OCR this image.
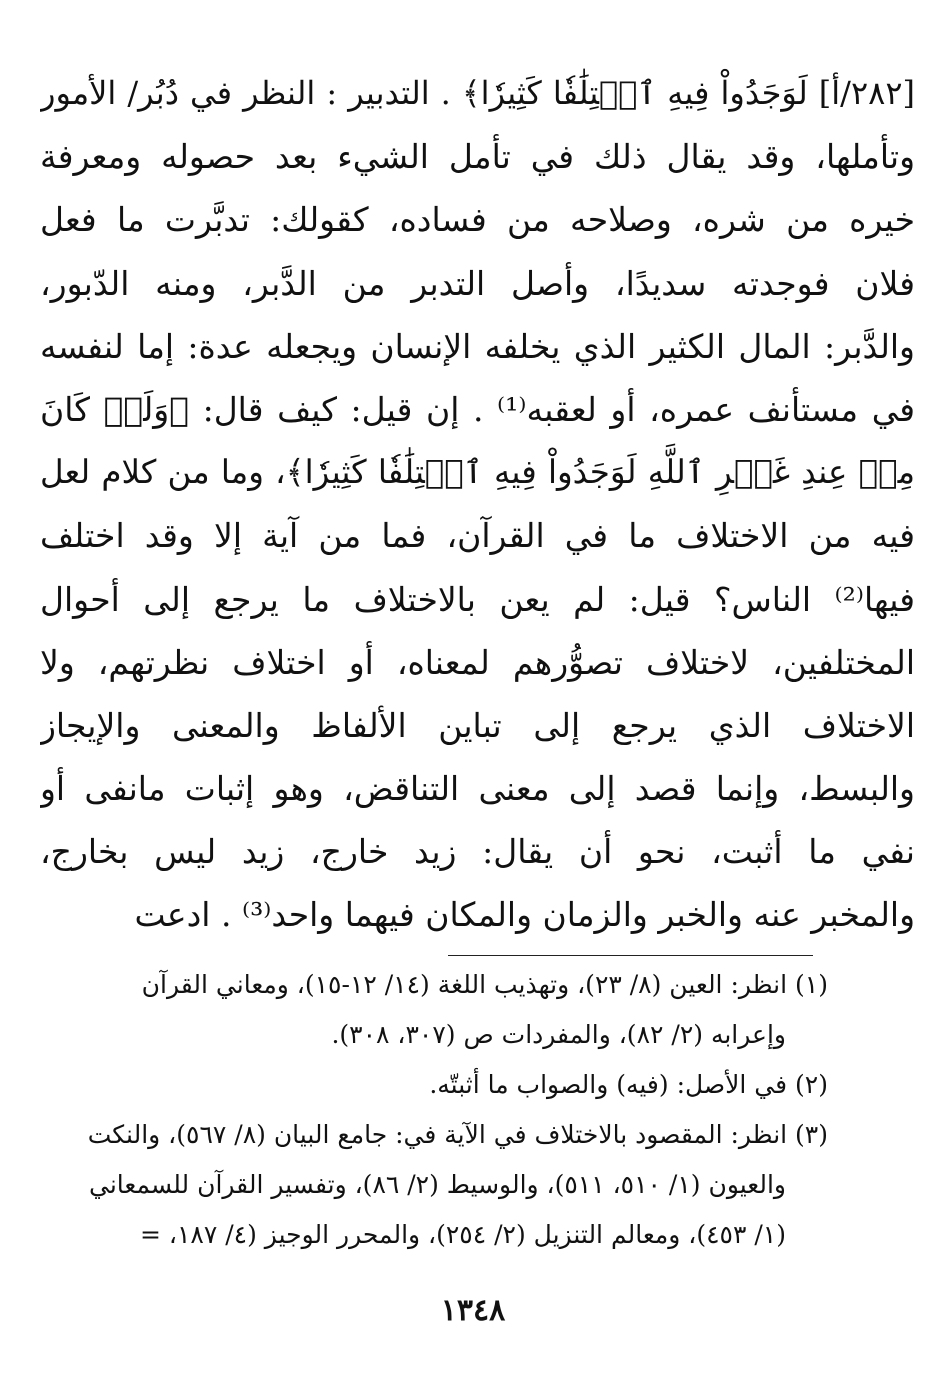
[٢٨٢/أ] لَوَجَدُواْ فِيهِ ٱخۡتِلَٰفٗا كَثِيرٗا﴾ . التدبير : النظر في دُبُر/ الأمور
وتأملها، وقد يقال ذلك في تأمل الشيء بعد حصوله ومعرفة
خيره من شره، وصلاحه من فساده، كقولك: تدبَّرت ما فعل
فلان فوجدته سديدًا، وأصل التدبر من الدَّبر، ومنه الدّبور،
والدَّبر: المال الكثير الذي يخلفه الإنسان ويجعله عدة: إما لنفسه
في مستأنف عمره، أو لعقبه⁽¹⁾ . إن قيل: كيف قال: ﴿وَلَوۡ كَانَ
مِنۡ عِندِ غَيۡرِ ٱللَّهِ لَوَجَدُواْ فِيهِ ٱخۡتِلَٰفٗا كَثِيرٗا﴾، وما من كلام لعل
فيه من الاختلاف ما في القرآن، فما من آية إلا وقد اختلف
فيها⁽²⁾ الناس؟ قيل: لم يعن بالاختلاف ما يرجع إلى أحوال
المختلفين، لاختلاف تصوُّرهم لمعناه، أو اختلاف نظرتهم، ولا
الاختلاف الذي يرجع إلى تباين الألفاظ والمعنى والإيجاز
والبسط، وإنما قصد إلى معنى التناقض، وهو إثبات مانفى أو
نفي ما أثبت، نحو أن يقال: زيد خارج، زيد ليس بخارج،
والمخبر عنه والخبر والزمان والمكان فيهما واحد⁽³⁾ . ادعت
(١) انظر: العين (٨/ ٢٣)، وتهذيب اللغة (١٤/ ١٢-١٥)، ومعاني القرآن
وإعرابه (٢/ ٨٢)، والمفردات ص (٣٠٧، ٣٠٨).
(٢) في الأصل: (فيه) والصواب ما أثبتّه.
(٣) انظر: المقصود بالاختلاف في الآية في: جامع البيان (٨/ ٥٦٧)، والنكت
والعيون (١/ ٥١٠، ٥١١)، والوسيط (٢/ ٨٦)، وتفسير القرآن للسمعاني
(١/ ٤٥٣)، ومعالم التنزيل (٢/ ٢٥٤)، والمحرر الوجيز (٤/ ١٨٧، =
١٣٤٨
